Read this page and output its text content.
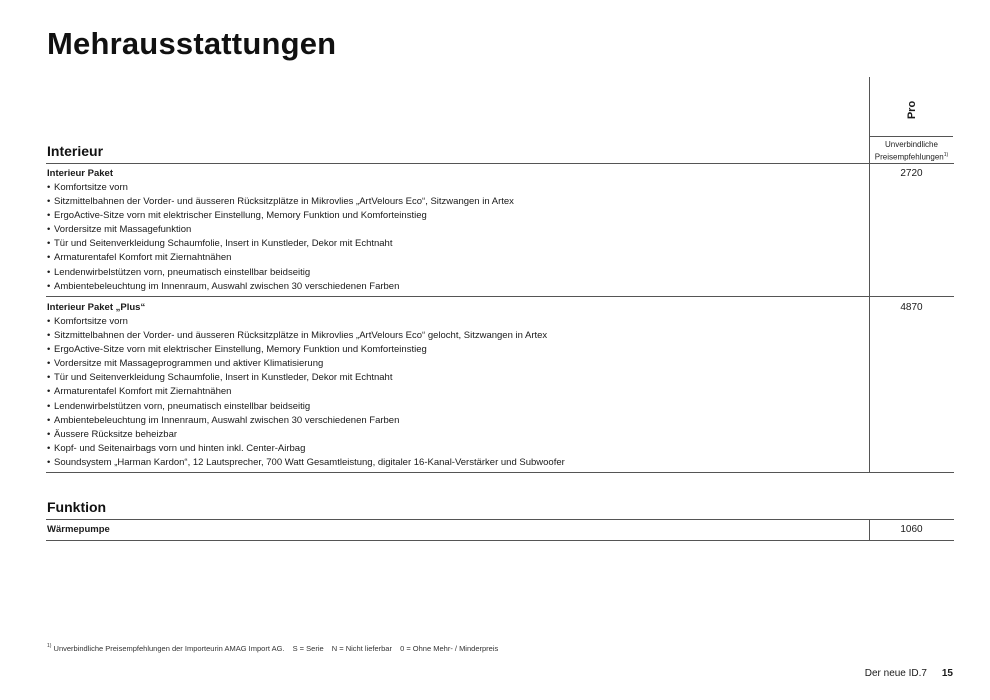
Mehrausstattungen
Pro
Unverbindliche Preisempfehlungen$^{1)}$
Interieur
Interieur Paket
• Komfortsitze vorn
• Sitzmittelbahnen der Vorder- und äusseren Rücksitzplätze in Mikrovlies „ArtVelours Eco“, Sitzwangen in Artex
• ErgoActive-Sitze vorn mit elektrischer Einstellung, Memory Funktion und Komforteinstieg
• Vordersitze mit Massagefunktion
• Tür und Seitenverkleidung Schaumfolie, Insert in Kunstleder, Dekor mit Echtnaht
• Armaturentafel Komfort mit Ziernahtnähen
• Lendenwirbelstützen vorn, pneumatisch einstellbar beidseitig
• Ambientebeleuchtung im Innenraum, Auswahl zwischen 30 verschiedenen Farben
2720
Interieur Paket „Plus“
• Komfortsitze vorn
• Sitzmittelbahnen der Vorder- und äusseren Rücksitzplätze in Mikrovlies „ArtVelours Eco“ gelocht, Sitzwangen in Artex
• ErgoActive-Sitze vorn mit elektrischer Einstellung, Memory Funktion und Komforteinstieg
• Vordersitze mit Massageprogrammen und aktiver Klimatisierung
• Tür und Seitenverkleidung Schaumfolie, Insert in Kunstleder, Dekor mit Echtnaht
• Armaturentafel Komfort mit Ziernahtnähen
• Lendenwirbelstützen vorn, pneumatisch einstellbar beidseitig
• Ambientebeleuchtung im Innenraum, Auswahl zwischen 30 verschiedenen Farben
• Äussere Rücksitze beheizbar
• Kopf- und Seitenairbags vorn und hinten inkl. Center-Airbag
• Soundsystem „Harman Kardon“, 12 Lautsprecher, 700 Watt Gesamtleistung, digitaler 16-Kanal-Verstärker und Subwoofer
4870
Funktion
Wärmepumpe	1060
$^{1)}$ Unverbindliche Preisempfehlungen der Importeurin AMAG Import AG. S = Serie N = Nicht lieferbar 0 = Ohne Mehr- / Minderpreis
Der neue ID.7 15
